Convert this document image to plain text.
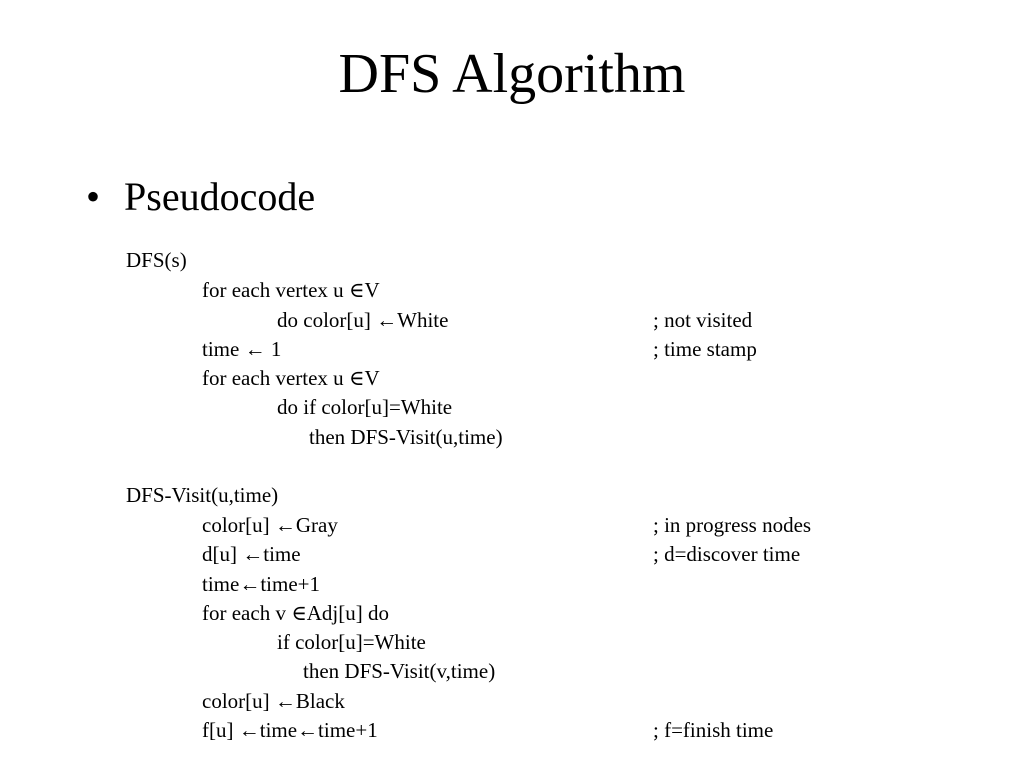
DFS Algorithm
• Pseudocode
DFS(s)
for each vertex u ∈V
do color[u] ←White	; not visited
time ← 1	; time stamp
for each vertex u ∈V
do if color[u]=White
then DFS-Visit(u,time)
DFS-Visit(u,time)
color[u] ←Gray	; in progress nodes
d[u] ←time	; d=discover time
time←time+1
for each v ∈Adj[u] do
if color[u]=White
then DFS-Visit(v,time)
color[u] ←Black
f[u] ←time←time+1	; f=finish time
